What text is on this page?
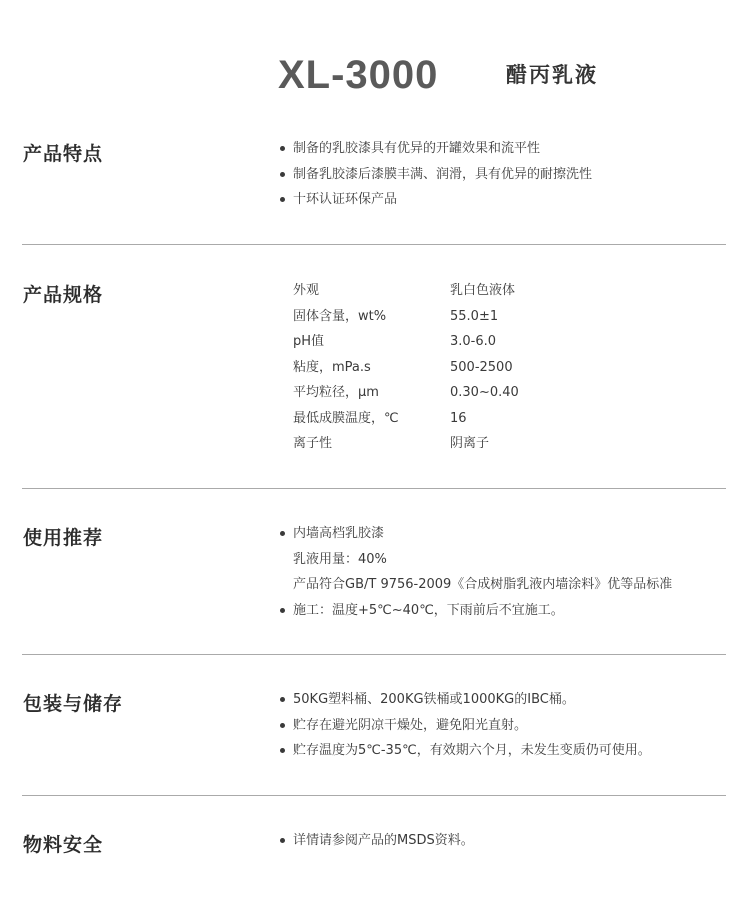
XL-3000	醋丙乳液
产品特点	制备的乳胶漆具有优异的开罐效果和流平性
制备乳胶漆后漆膜丰满、润滑，具有优异的耐擦洗性
十环认证环保产品
产品规格	外观	乳白色液体
固体含量，wt%	55.0±1
pH值	3.0-6.0
粘度，mPa.s	500-2500
平均粒径，μm	0.30~0.40
最低成膜温度，℃	16
离子性	阴离子
使用推荐	内墙高档乳胶漆
乳液用量：40%
产品符合GB/T 9756-2009《合成树脂乳液内墙涂料》优等品标准
施工：温度+5℃~40℃，下雨前后不宜施工。
包装与储存	50KG塑料桶、200KG铁桶或1000KG的IBC桶。
贮存在避光阴凉干燥处，避免阳光直射。
贮存温度为5℃-35℃，有效期六个月，未发生变质仍可使用。
物料安全	详情请参阅产品的MSDS资料。
